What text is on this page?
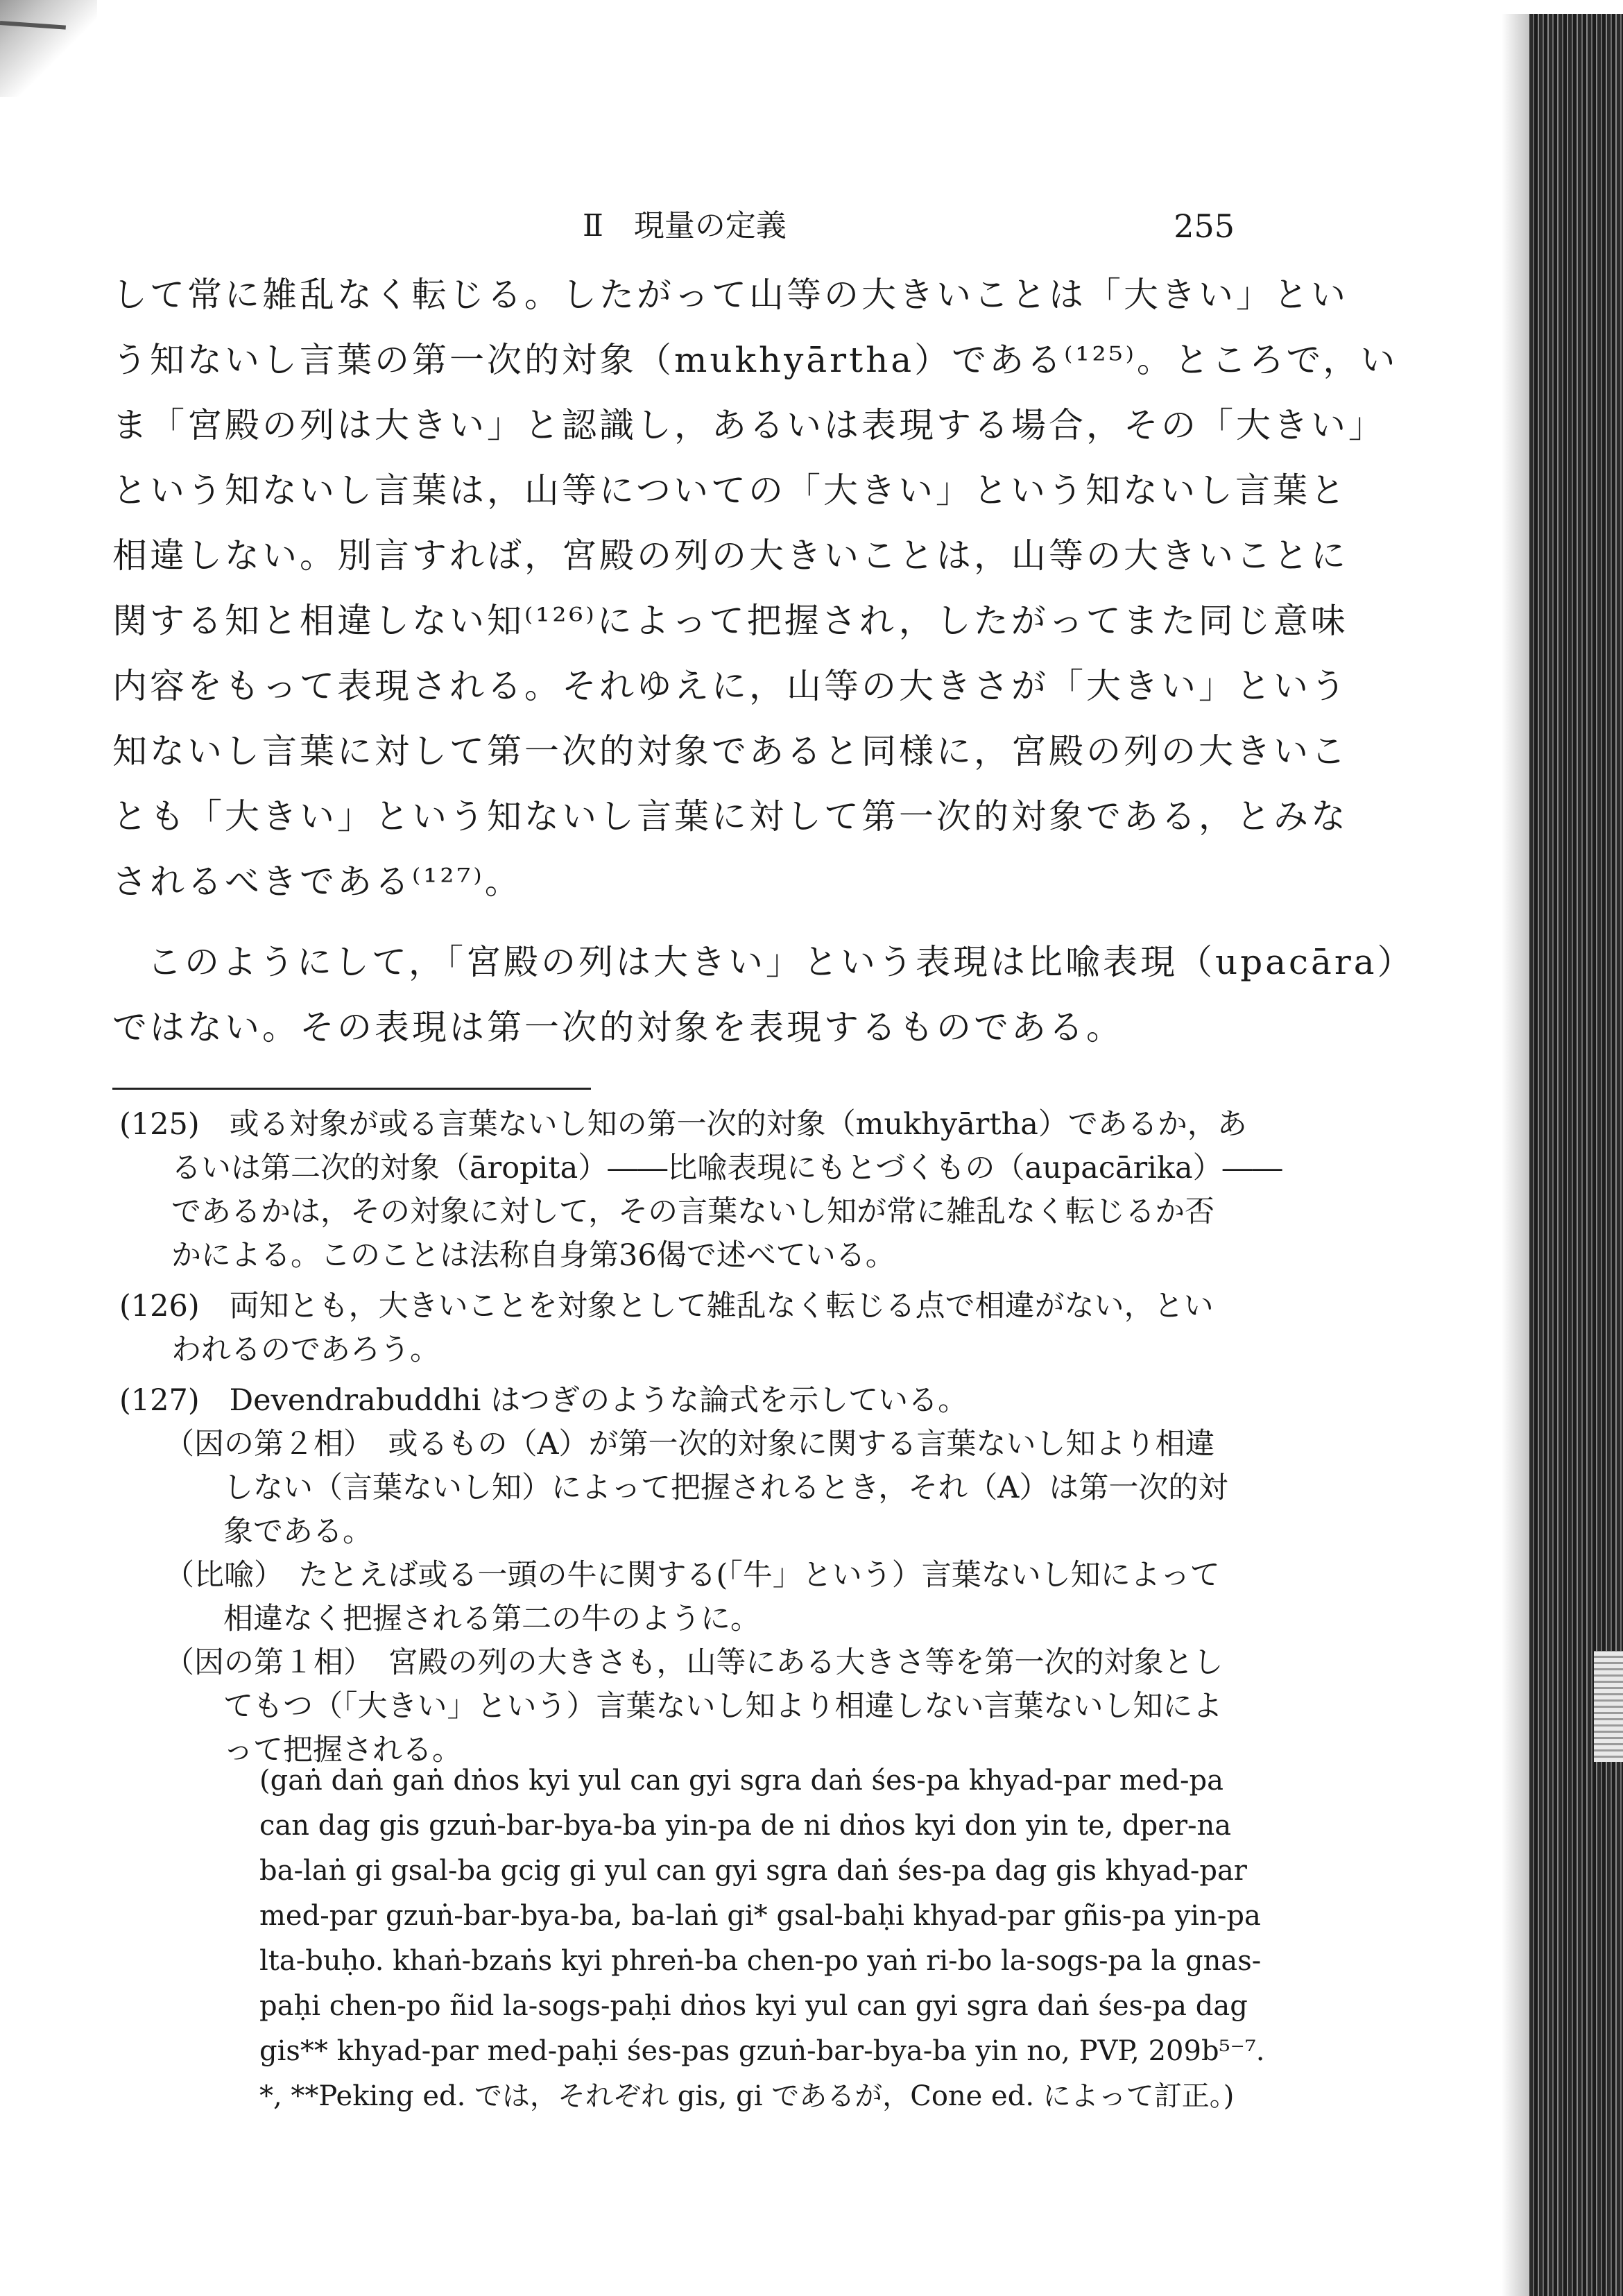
Ⅱ　現量の定義	255
して常に雑乱なく転じる。したがって山等の大きいことは「大きい」とい
う知ないし言葉の第一次的対象（mukhyārtha）である⁽¹²⁵⁾。ところで，い
ま「宮殿の列は大きい」と認識し，あるいは表現する場合，その「大きい」
という知ないし言葉は，山等についての「大きい」という知ないし言葉と
相違しない。別言すれば，宮殿の列の大きいことは，山等の大きいことに
関する知と相違しない知⁽¹²⁶⁾によって把握され，したがってまた同じ意味
内容をもって表現される。それゆえに，山等の大きさが「大きい」という
知ないし言葉に対して第一次的対象であると同様に，宮殿の列の大きいこ
とも「大きい」という知ないし言葉に対して第一次的対象である，とみな
されるべきである⁽¹²⁷⁾。
このようにして，「宮殿の列は大きい」という表現は比喩表現（upacāra）
ではない。その表現は第一次的対象を表現するものである。
(125)　或る対象が或る言葉ないし知の第一次的対象（mukhyārtha）であるか，あ
るいは第二次的対象（āropita）――比喩表現にもとづくもの（aupacārika）――
であるかは，その対象に対して，その言葉ないし知が常に雑乱なく転じるか否
かによる。このことは法称自身第36偈で述べている。
(126)　両知とも，大きいことを対象として雑乱なく転じる点で相違がない，とい
われるのであろう。
(127)　Devendrabuddhi はつぎのような論式を示している。
（因の第２相）　或るもの（A）が第一次的対象に関する言葉ないし知より相違
しない（言葉ないし知）によって把握されるとき，それ（A）は第一次的対
象である。
（比喩）　たとえば或る一頭の牛に関する(「牛」という）言葉ないし知によって
相違なく把握される第二の牛のように。
（因の第１相）　宮殿の列の大きさも，山等にある大きさ等を第一次的対象とし
てもつ（「大きい」という）言葉ないし知より相違しない言葉ないし知によ
って把握される。
(gaṅ daṅ gaṅ dṅos kyi yul can gyi sgra daṅ śes-pa khyad-par med-pa
can dag gis gzuṅ-bar-bya-ba yin-pa de ni dṅos kyi don yin te, dper-na
ba-laṅ gi gsal-ba gcig gi yul can gyi sgra daṅ śes-pa dag gis khyad-par
med-par gzuṅ-bar-bya-ba, ba-laṅ gi* gsal-baḥi khyad-par gñis-pa yin-pa
lta-buḥo. khaṅ-bzaṅs kyi phreṅ-ba chen-po yaṅ ri-bo la-sogs-pa la gnas-
paḥi chen-po ñid la-sogs-paḥi dṅos kyi yul can gyi sgra daṅ śes-pa dag
gis** khyad-par med-paḥi śes-pas gzuṅ-bar-bya-ba yin no, PVP, 209b⁵⁻⁷.
*, **Peking ed. では，それぞれ gis, gi であるが，Cone ed. によって訂正。)
